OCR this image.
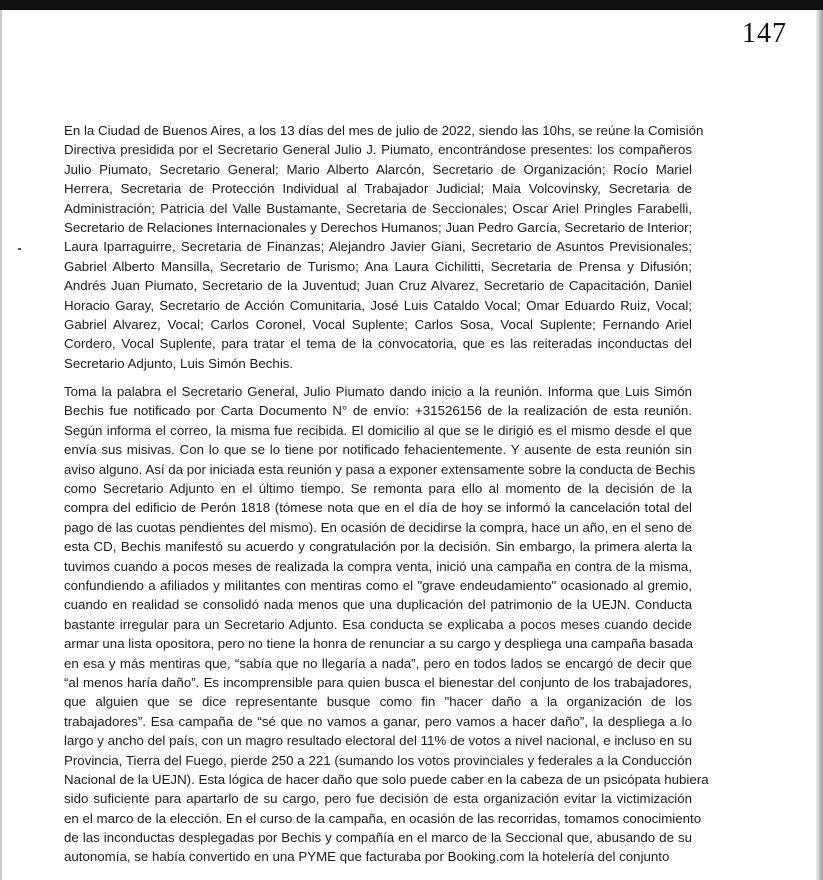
147
En la Ciudad de Buenos Aires, a los 13 días del mes de julio de 2022, siendo las 10hs, se reúne la Comisión
Directiva presidida por el Secretario General Julio J. Piumato, encontrándose presentes: los compañeros
Julio Piumato, Secretario General; Mario Alberto Alarcón, Secretario de Organización; Rocío Mariel
Herrera, Secretaria de Protección Individual al Trabajador Judicial; Maia Volcovinsky, Secretaria de
Administración; Patricia del Valle Bustamante, Secretaria de Seccionales; Oscar Ariel Pringles Farabelli,
Secretario de Relaciones Internacionales y Derechos Humanos; Juan Pedro García, Secretario de Interior;
Laura Iparraguirre, Secretaria de Finanzas; Alejandro Javier Giani, Secretario de Asuntos Previsionales;
Gabriel Alberto Mansilla, Secretario de Turismo; Ana Laura Cichilitti, Secretaria de Prensa y Difusión;
Andrés Juan Piumato, Secretario de la Juventud; Juan Cruz Alvarez, Secretario de Capacitación, Daniel
Horacio Garay, Secretario de Acción Comunitaria, José Luis Cataldo Vocal; Omar Eduardo Ruiz, Vocal;
Gabriel Alvarez, Vocal; Carlos Coronel, Vocal Suplente; Carlos Sosa, Vocal Suplente; Fernando Ariel
Cordero, Vocal Suplente, para tratar el tema de la convocatoria, que es las reiteradas inconductas del
Secretario Adjunto, Luis Simón Bechis.
Toma la palabra el Secretario General, Julio Piumato dando inicio a la reunión. Informa que Luis Simón
Bechis fue notificado por Carta Documento N° de envío: +31526156 de la realización de esta reunión.
Según informa el correo, la misma fue recibida. El domicilio al que se le dirigió es el mismo desde el que
envía sus misivas. Con lo que se lo tiene por notificado fehacientemente. Y ausente de esta reunión sin
aviso alguno. Así da por iniciada esta reunión y pasa a exponer extensamente sobre la conducta de Bechis
como Secretario Adjunto en el último tiempo. Se remonta para ello al momento de la decisión de la
compra del edificio de Perón 1818 (tómese nota que en el día de hoy se informó la cancelación total del
pago de las cuotas pendientes del mismo). En ocasión de decidirse la compra, hace un año, en el seno de
esta CD, Bechis manifestó su acuerdo y congratulación por la decisión. Sin embargo, la primera alerta la
tuvimos cuando a pocos meses de realizada la compra venta, inició una campaña en contra de la misma,
confundiendo a afiliados y militantes con mentiras como el "grave endeudamiento" ocasionado al gremio,
cuando en realidad se consolidó nada menos que una duplicación del patrimonio de la UEJN. Conducta
bastante irregular para un Secretario Adjunto. Esa conducta se explicaba a pocos meses cuando decide
armar una lista opositora, pero no tiene la honra de renunciar a su cargo y despliega una campaña basada
en esa y más mentiras que, “sabía que no llegaría a nada”, pero en todos lados se encargó de decir que
“al menos haría daño”. Es incomprensible para quien busca el bienestar del conjunto de los trabajadores,
que alguien que se dice representante busque como fin "hacer daño a la organización de los
trabajadores”. Esa campaña de “sé que no vamos a ganar, pero vamos a hacer daño”, la despliega a lo
largo y ancho del país, con un magro resultado electoral del 11% de votos a nivel nacional, e incluso en su
Provincia, Tierra del Fuego, pierde 250 a 221 (sumando los votos provinciales y federales a la Conducción
Nacional de la UEJN). Esta lógica de hacer daño que solo puede caber en la cabeza de un psicópata hubiera
sido suficiente para apartarlo de su cargo, pero fue decisión de esta organización evitar la victimización
en el marco de la elección. En el curso de la campaña, en ocasión de las recorridas, tomamos conocimiento
de las inconductas desplegadas por Bechis y compañía en el marco de la Seccional que, abusando de su
autonomía, se había convertido en una PYME que facturaba por Booking.com la hotelería del conjunto
